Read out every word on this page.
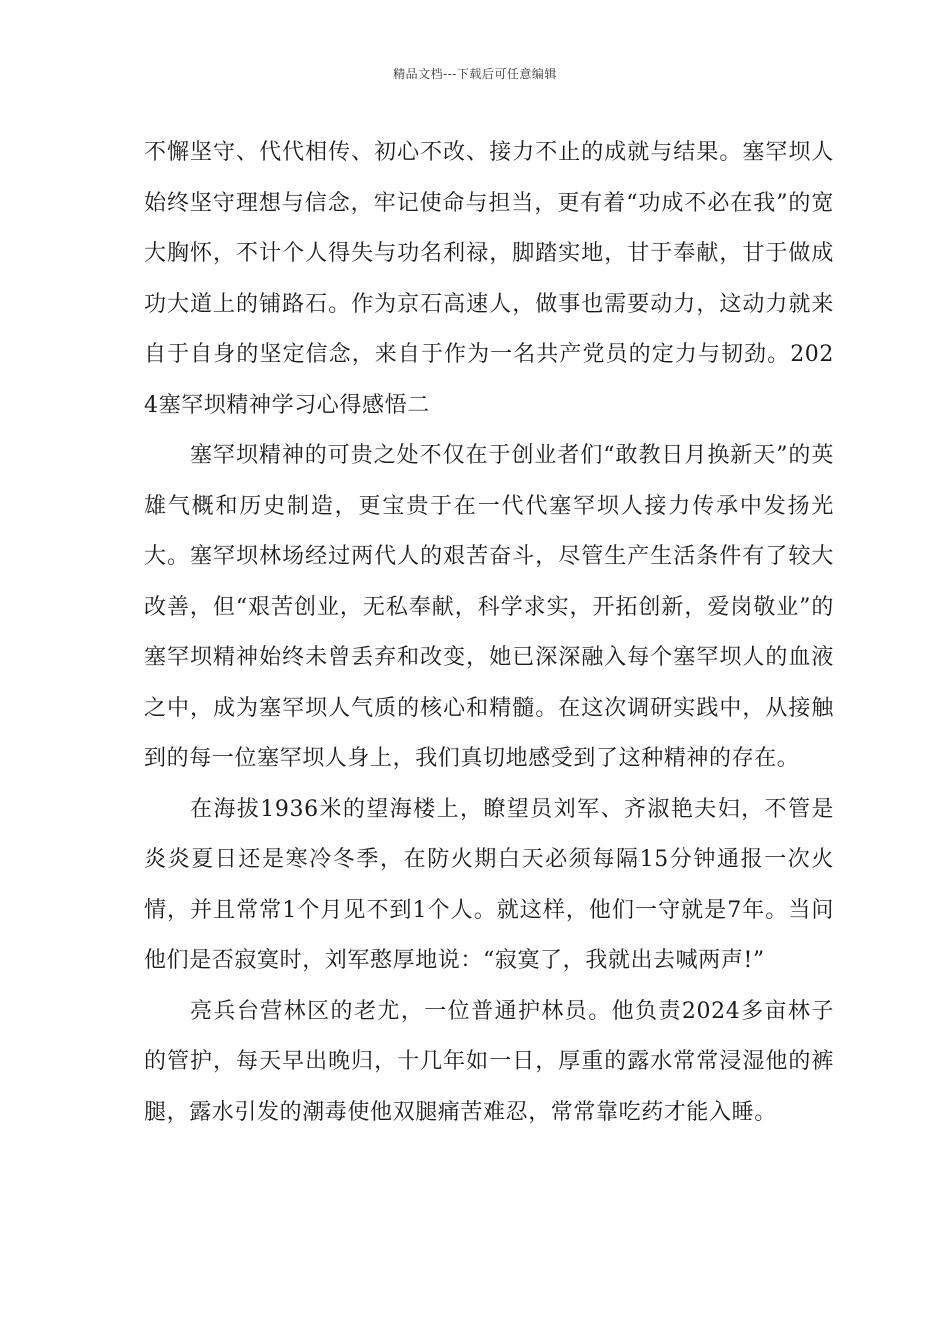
精品文档---下载后可任意编辑

不懈坚守、代代相传、初心不改、接力不止的成就与结果。塞罕坝人始终坚守理想与信念，牢记使命与担当，更有着“功成不必在我”的宽大胸怀，不计个人得失与功名利禄，脚踏实地，甘于奉献，甘于做成功大道上的铺路石。作为京石高速人，做事也需要动力，这动力就来自于自身的坚定信念，来自于作为一名共产党员的定力与韧劲。2024塞罕坝精神学习心得感悟二

塞罕坝精神的可贵之处不仅在于创业者们“敢教日月换新天”的英雄气概和历史制造，更宝贵于在一代代塞罕坝人接力传承中发扬光大。塞罕坝林场经过两代人的艰苦奋斗，尽管生产生活条件有了较大改善，但“艰苦创业，无私奉献，科学求实，开拓创新，爱岗敬业”的塞罕坝精神始终未曾丢弃和改变，她已深深融入每个塞罕坝人的血液之中，成为塞罕坝人气质的核心和精髓。在这次调研实践中，从接触到的每一位塞罕坝人身上，我们真切地感受到了这种精神的存在。

在海拔1936米的望海楼上，瞭望员刘军、齐淑艳夫妇，不管是炎炎夏日还是寒冷冬季，在防火期白天必须每隔15分钟通报一次火情，并且常常1个月见不到1个人。就这样，他们一守就是7年。当问他们是否寂寞时，刘军憨厚地说：“寂寞了，我就出去喊两声!”

亮兵台营林区的老尤，一位普通护林员。他负责2024多亩林子的管护，每天早出晚归，十几年如一日，厚重的露水常常浸湿他的裤腿，露水引发的潮毒使他双腿痛苦难忍，常常靠吃药才能入睡。
